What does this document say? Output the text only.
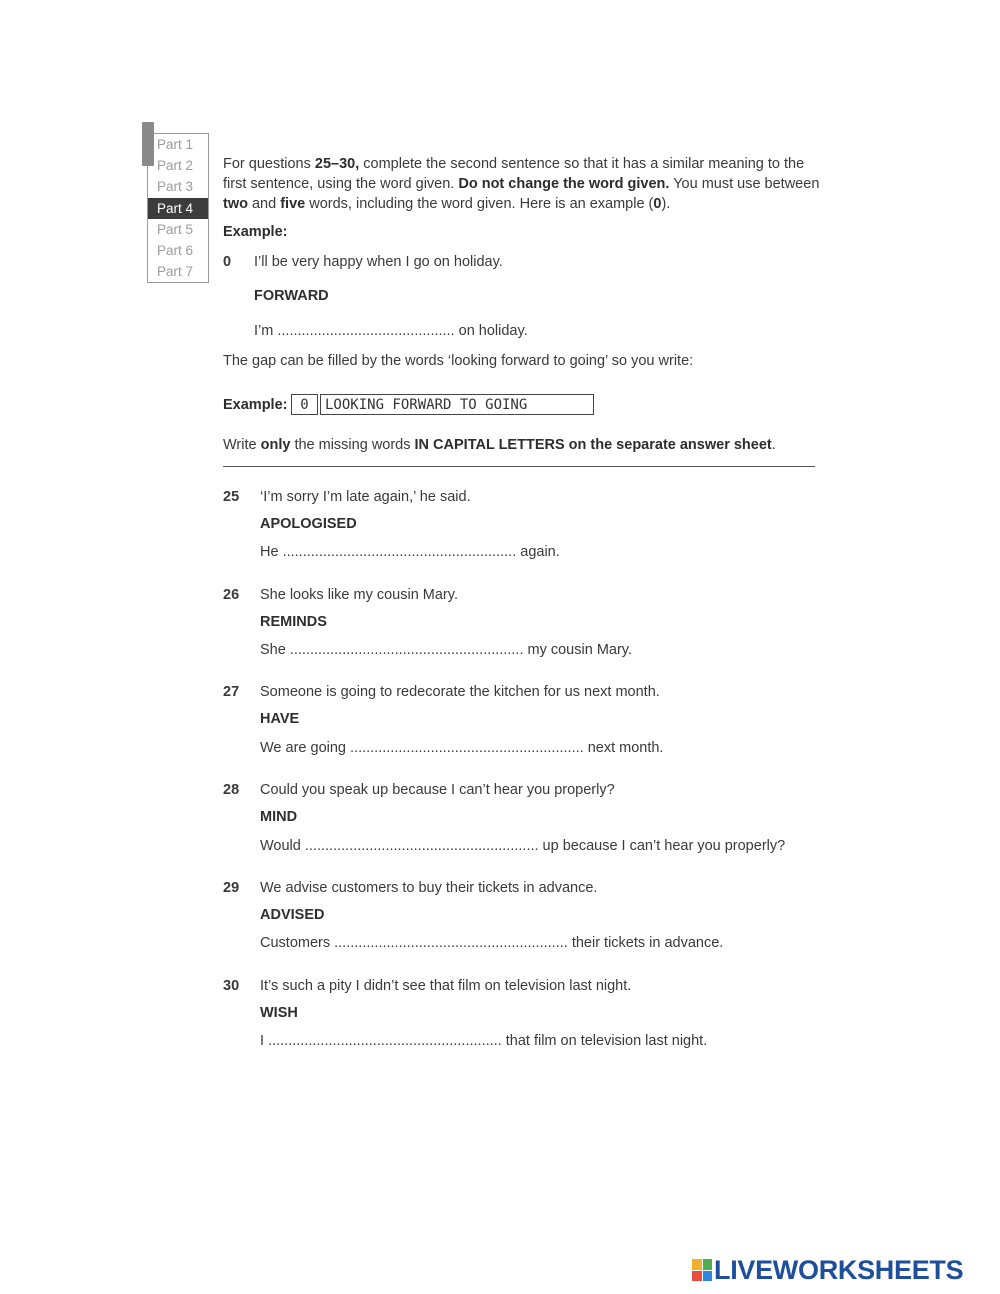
Part 1
Part 2
Part 3
Part 4
Part 5
Part 6
Part 7
For questions 25–30, complete the second sentence so that it has a similar meaning to the first sentence, using the word given. Do not change the word given. You must use between two and five words, including the word given. Here is an example (0).
Example:
0 I’ll be very happy when I go on holiday.
FORWARD
I’m ............................................ on holiday.
The gap can be filled by the words ‘looking forward to going’ so you write:
Example: 0	LOOKING FORWARD TO GOING
Write only the missing words IN CAPITAL LETTERS on the separate answer sheet.
25 ‘I’m sorry I’m late again,’ he said.
APOLOGISED
He .......................................................... again.
26 She looks like my cousin Mary.
REMINDS
She .......................................................... my cousin Mary.
27 Someone is going to redecorate the kitchen for us next month.
HAVE
We are going .......................................................... next month.
28 Could you speak up because I can’t hear you properly?
MIND
Would .......................................................... up because I can’t hear you properly?
29 We advise customers to buy their tickets in advance.
ADVISED
Customers .......................................................... their tickets in advance.
30 It’s such a pity I didn’t see that film on television last night.
WISH
I .......................................................... that film on television last night.
LIVEWORKSHEETS
